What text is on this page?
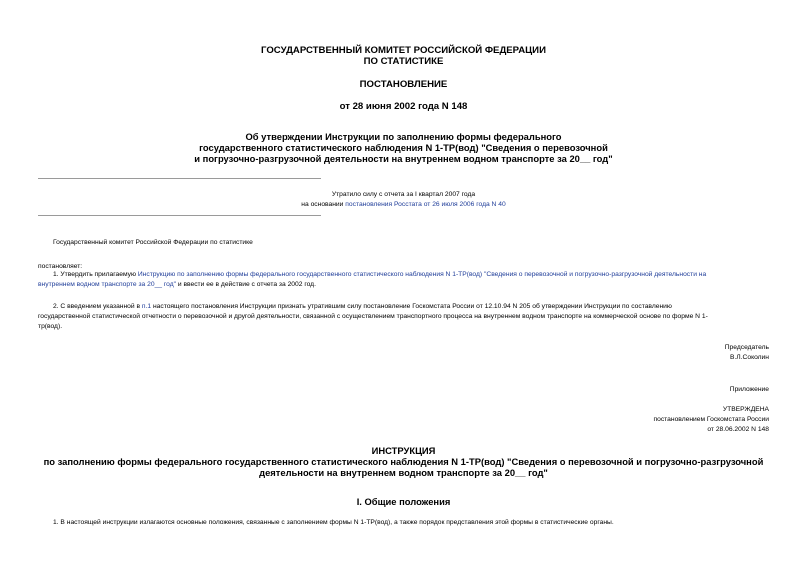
ГОСУДАРСТВЕННЫЙ КОМИТЕТ РОССИЙСКОЙ ФЕДЕРАЦИИ
ПО СТАТИСТИКЕ
ПОСТАНОВЛЕНИЕ
от 28 июня 2002 года N 148
Об утверждении Инструкции по заполнению формы федерального
государственного статистического наблюдения N 1-ТР(вод) "Сведения о перевозочной
и погрузочно-разгрузочной деятельности на внутреннем водном транспорте за 20__ год"
Утратило силу с отчета за I квартал 2007 года
на основании постановления Росстата от 26 июля 2006 года N 40
Государственный комитет Российской Федерации по статистике
постановляет:
1. Утвердить прилагаемую Инструкцию по заполнению формы федерального государственного статистического наблюдения N 1-ТР(вод) "Сведения о перевозочной и погрузочно-разгрузочной деятельности на
внутреннем водном транспорте за 20__ год" и ввести ее в действие с отчета за 2002 год.
2. С введением указанной в п.1 настоящего постановления Инструкции признать утратившим силу постановление Госкомстата России от 12.10.94 N 205 об утверждении Инструкции по составлению
государственной статистической отчетности о перевозочной и другой деятельности, связанной с осуществлением транспортного процесса на внутреннем водном транспорте на коммерческой основе по форме N 1-
тр(вод).
Председатель
В.Л.Соколин
Приложение
УТВЕРЖДЕНА
постановлением Госкомстата России
от 28.06.2002 N 148
ИНСТРУКЦИЯ
по заполнению формы федерального государственного статистического наблюдения N 1-ТР(вод) "Сведения о перевозочной и погрузочно-разгрузочной
деятельности на внутреннем водном транспорте за 20__ год"
I. Общие положения
1. В настоящей инструкции излагаются основные положения, связанные с заполнением формы N 1-ТР(вод), а также порядок представления этой формы в статистические органы.
